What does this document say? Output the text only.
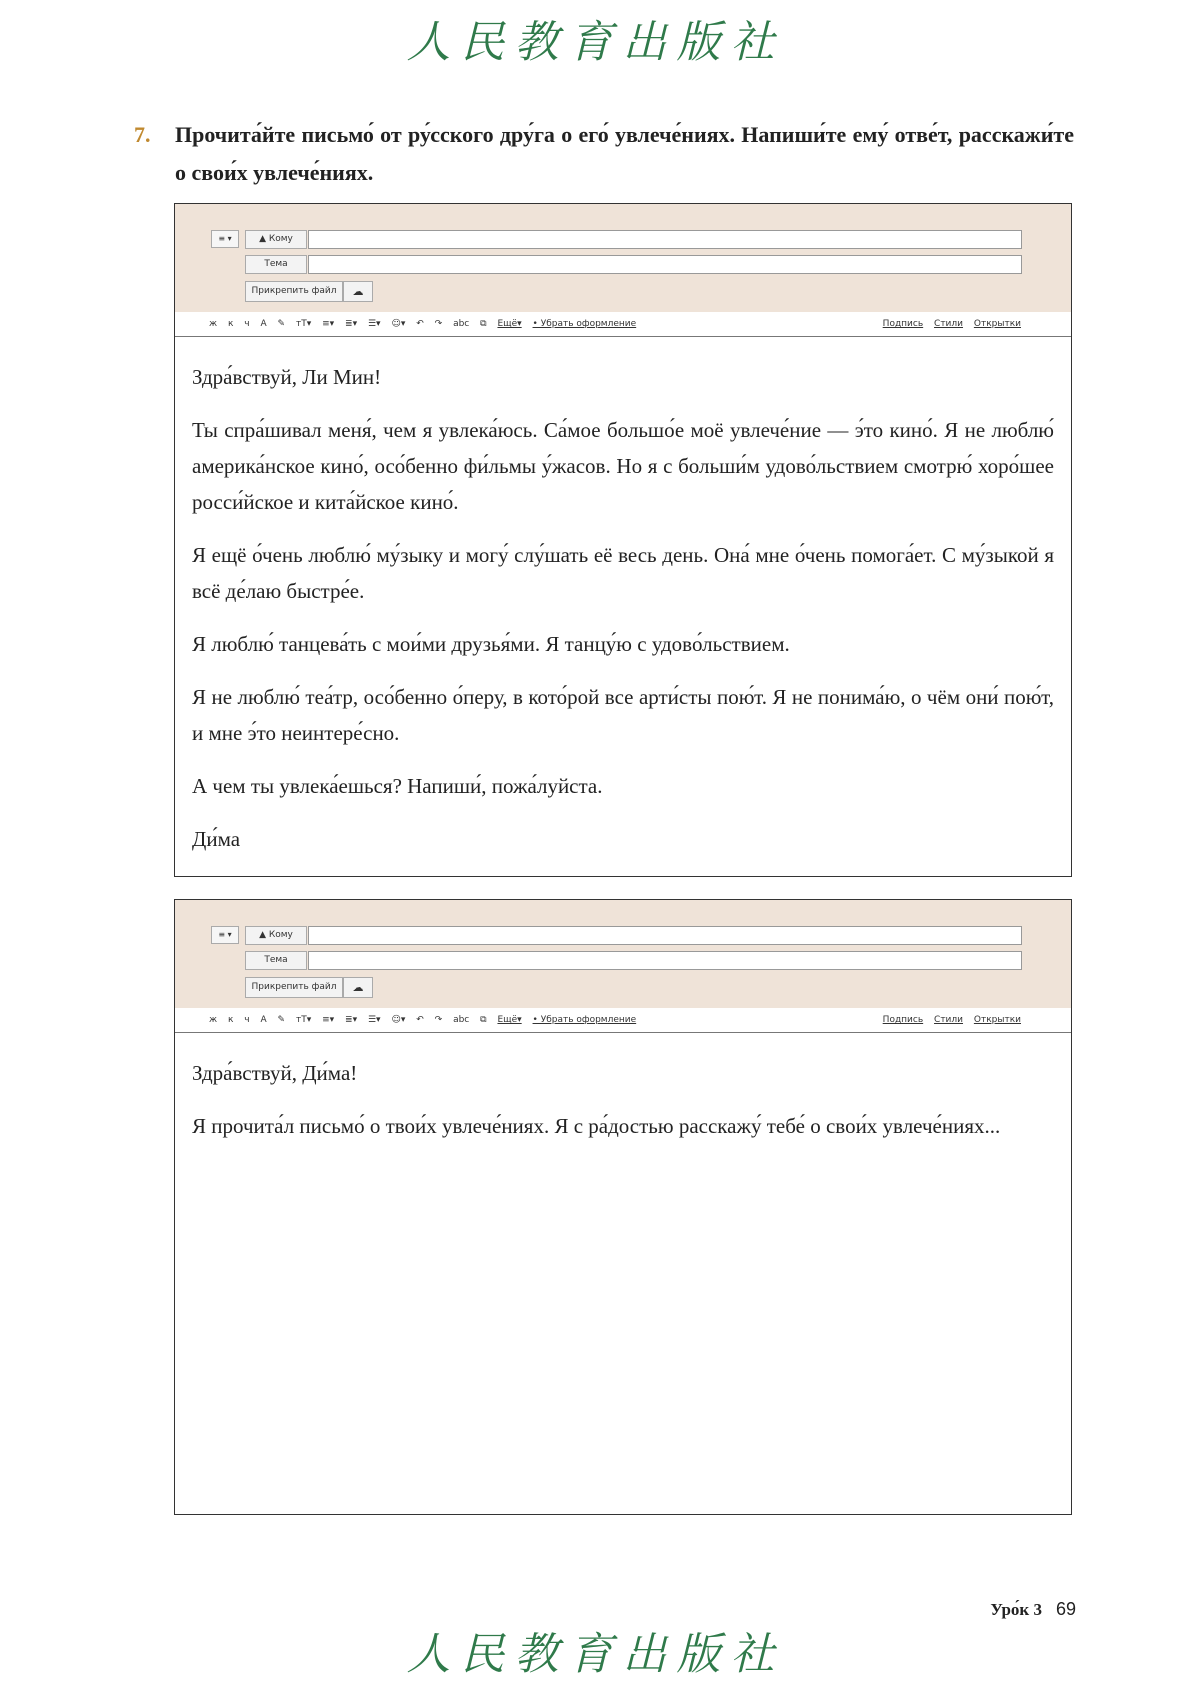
人民教育出版社
7. Прочита́йте письмо́ от ру́сского дру́га о его́ увлече́ниях. Напиши́те ему́ отве́т, расскажи́те о свои́х увлече́ниях.
≡ ▾	▲ Кому
Тема
Прикрепить файл	☁
ж к ч A ✎ тТ▾ ≡▾ ≣▾ ☰▾ ☺▾ ↶ ↷ abc ⧉ Ещё▾ • Убрать оформление	Подпись Стили Открытки

Здра́вствуй, Ли Мин!

Ты спра́шивал меня́, чем я увлека́юсь. Са́мое большо́е моё увлече́ние — э́то кино́. Я не люблю́ америка́нское кино́, осо́бенно фи́льмы у́жасов. Но я с больши́м удово́льствием смотрю́ хоро́шее росси́йское и кита́йское кино́.

Я ещё о́чень люблю́ му́зыку и могу́ слу́шать её весь день. Она́ мне о́чень помога́ет. С му́зыкой я всё де́лаю быстре́е.

Я люблю́ танцева́ть с мои́ми друзья́ми. Я танцу́ю с удово́льствием.

Я не люблю́ теа́тр, осо́бенно о́перу, в кото́рой все арти́сты пою́т. Я не понима́ю, о чём они́ пою́т, и мне э́то неинтере́сно.

А чем ты увлека́ешься? Напиши́, пожа́луйста.

Ди́ма

≡ ▾	▲ Кому
Тема
Прикрепить файл	☁
ж к ч A ✎ тТ▾ ≡▾ ≣▾ ☰▾ ☺▾ ↶ ↷ abc ⧉ Ещё▾ • Убрать оформление	Подпись Стили Открытки

Здра́вствуй, Ди́ма!

Я прочита́л письмо́ о твои́х увлече́ниях. Я с ра́достью расскажу́ тебе́ о свои́х увлече́ниях...

Уро́к 3 69
人民教育出版社
